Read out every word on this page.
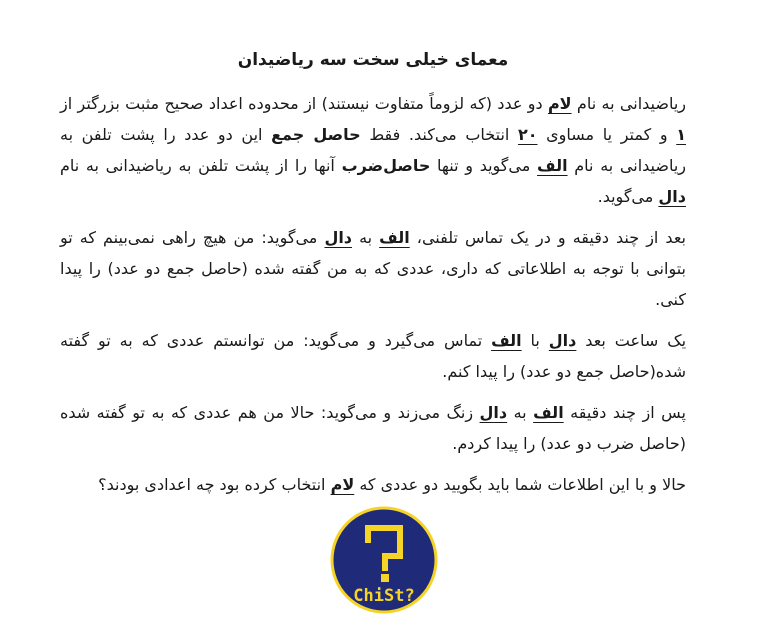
معمای خیلی سخت سه ریاضیدان

ریاضیدانی به نام لام دو عدد (که لزوماً متفاوت نیستند) از محدوده اعداد صحیح مثبت بزرگتر از ۱ و کمتر یا مساوی ۲۰ انتخاب می‌کند. فقط حاصل جمع این دو عدد را پشت تلفن به ریاضیدانی به نام الف می‌گوید و تنها حاصل‌ضرب آنها را از پشت تلفن به ریاضیدانی به نام دال می‌گوید.

بعد از چند دقیقه و در یک تماس تلفنی، الف به دال می‌گوید: من هیچ راهی نمی‌بینم که تو بتوانی با توجه به اطلاعاتی که داری، عددی که به من گفته شده (حاصل جمع دو عدد) را پیدا کنی.

یک ساعت بعد دال با الف تماس می‌گیرد و می‌گوید: من توانستم عددی که به تو گفته شده(حاصل جمع دو عدد) را پیدا کنم.

پس از چند دقیقه الف به دال زنگ می‌زند و می‌گوید: حالا من هم عددی که به تو گفته شده (حاصل ضرب دو عدد) را پیدا کردم.

حالا و با این اطلاعات شما باید بگویید دو عددی که لام انتخاب کرده بود چه اعدادی بودند؟

ChiSt?
